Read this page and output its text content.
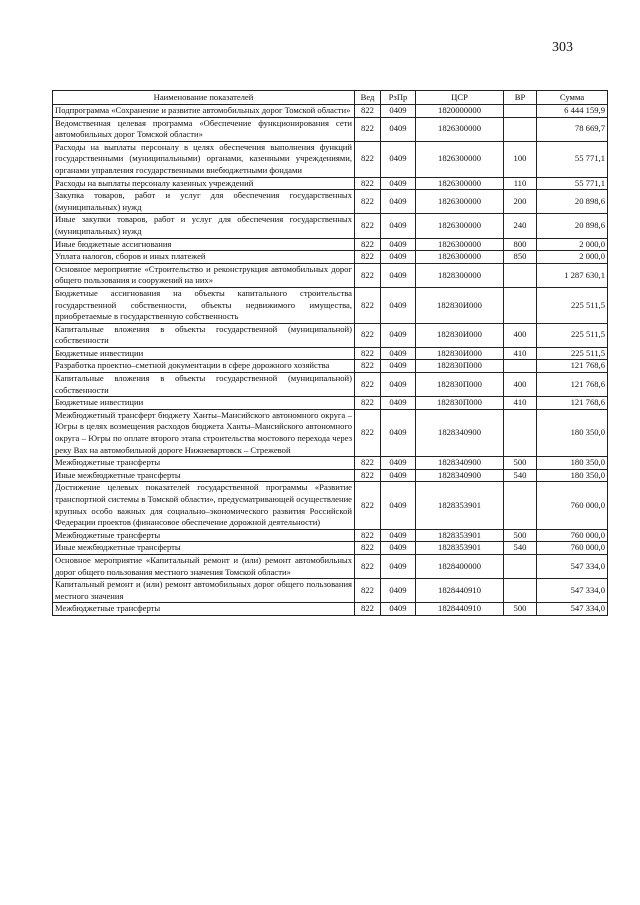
303
Наименование показателей	Вед	РзПр	ЦСР	ВР	Сумма
Подпрограмма «Сохранение и развитие автомобильных дорог Томской области»	822	0409	1820000000		6 444 159,9
Ведомственная целевая программа «Обеспечение функционирования сети автомобильных дорог Томской области»	822	0409	1826300000		78 669,7
Расходы на выплаты персоналу в целях обеспечения выполнения функций государственными (муниципальными) органами, казенными учреждениями, органами управления государственными внебюджетными фондами	822	0409	1826300000	100	55 771,1
Расходы на выплаты персоналу казенных учреждений	822	0409	1826300000	110	55 771,1
Закупка товаров, работ и услуг для обеспечения государственных (муниципальных) нужд	822	0409	1826300000	200	20 898,6
Иные закупки товаров, работ и услуг для обеспечения государственных (муниципальных) нужд	822	0409	1826300000	240	20 898,6
Иные бюджетные ассигнования	822	0409	1826300000	800	2 000,0
Уплата налогов, сборов и иных платежей	822	0409	1826300000	850	2 000,0
Основное мероприятие «Строительство и реконструкция автомобильных дорог общего пользования и сооружений на них»	822	0409	1828300000		1 287 630,1
Бюджетные ассигнования на объекты капитального строительства государственной собственности, объекты недвижимого имущества, приобретаемые в государственную собственность	822	0409	182830И000		225 511,5
Капитальные вложения в объекты государственной (муниципальной) собственности	822	0409	182830И000	400	225 511,5
Бюджетные инвестиции	822	0409	182830И000	410	225 511,5
Разработка проектно–сметной документации в сфере дорожного хозяйства	822	0409	182830П000		121 768,6
Капитальные вложения в объекты государственной (муниципальной) собственности	822	0409	182830П000	400	121 768,6
Бюджетные инвестиции	822	0409	182830П000	410	121 768,6
Межбюджетный трансферт бюджету Ханты–Мансийского автономного округа – Югры в целях возмещения расходов бюджета Ханты–Мансийского автономного округа – Югры по оплате второго этапа строительства мостового перехода через реку Вах на автомобильной дороге Нижневартовск – Стрежевой	822	0409	1828340900		180 350,0
Межбюджетные трансферты	822	0409	1828340900	500	180 350,0
Иные межбюджетные трансферты	822	0409	1828340900	540	180 350,0
Достижение целевых показателей государственной программы «Развитие транспортной системы в Томской области», предусматривающей осуществление крупных особо важных для социально–экономического развития Российской Федерации проектов (финансовое обеспечение дорожной деятельности)	822	0409	1828353901		760 000,0
Межбюджетные трансферты	822	0409	1828353901	500	760 000,0
Иные межбюджетные трансферты	822	0409	1828353901	540	760 000,0
Основное мероприятие «Капитальный ремонт и (или) ремонт автомобильных дорог общего пользования местного значения Томской области»	822	0409	1828400000		547 334,0
Капитальный ремонт и (или) ремонт автомобильных дорог общего пользования местного значения	822	0409	1828440910		547 334,0
Межбюджетные трансферты	822	0409	1828440910	500	547 334,0
